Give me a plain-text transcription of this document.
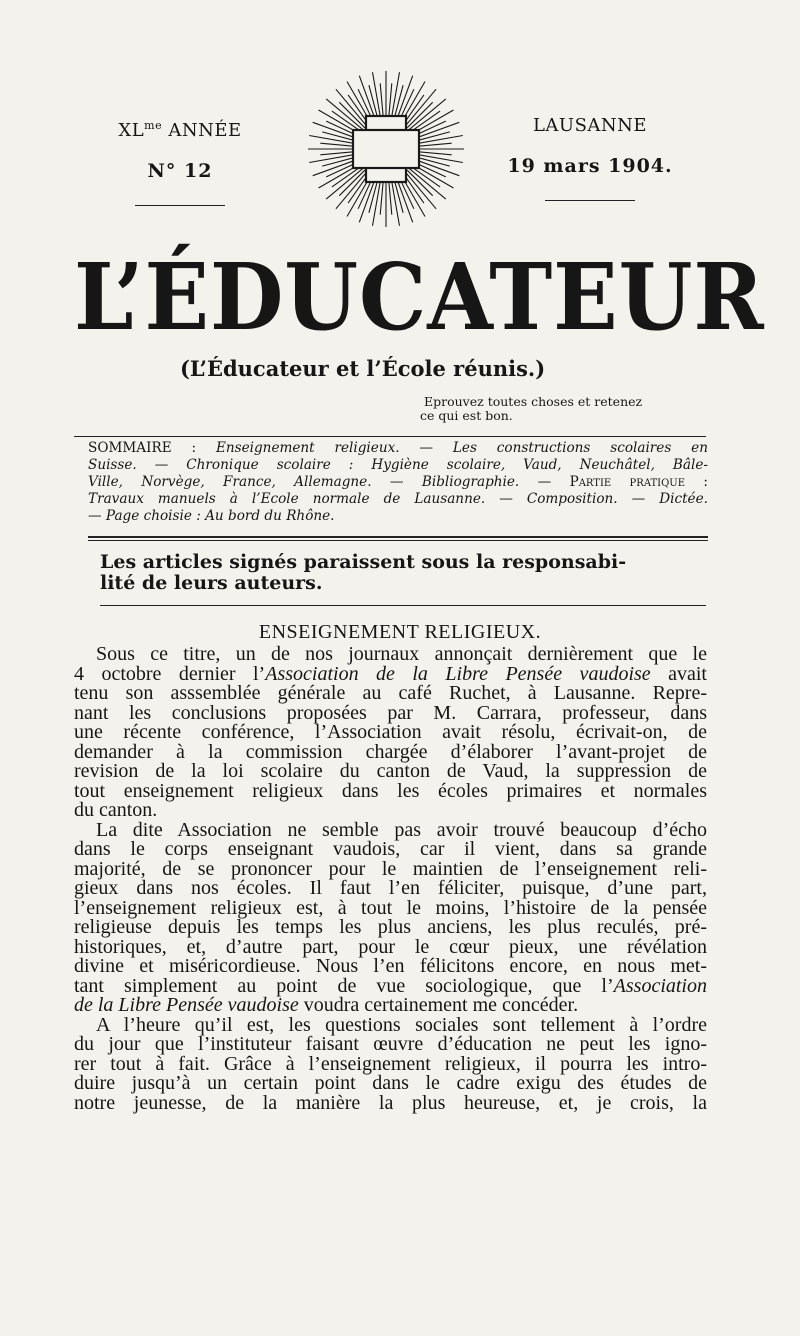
$XL^{me}$ ANNÉE
N° 12
LAUSANNE
19 mars 1904.
L’ÉDUCATEUR
(L’Éducateur et l’École réunis.)
Eprouvez toutes choses et retenez
ce qui est bon.
SOMMAIRE : Enseignement religieux. — Les constructions scolaires en
Suisse. — Chronique scolaire : Hygiène scolaire, Vaud, Neuchâtel, Bâle-
Ville, Norvège, France, Allemagne. — Bibliographie. — Partie pratique :
Travaux manuels à l’Ecole normale de Lausanne. — Composition. — Dictée.
— Page choisie : Au bord du Rhône.
Les articles signés paraissent sous la responsabi-
lité de leurs auteurs.
ENSEIGNEMENT RELIGIEUX.
Sous ce titre, un de nos journaux annonçait dernièrement que le
4 octobre dernier l’Association de la Libre Pensée vaudoise avait
tenu son asssemblée générale au café Ruchet, à Lausanne. Repre-
nant les conclusions proposées par M. Carrara, professeur, dans
une récente conférence, l’Association avait résolu, écrivait-on, de
demander à la commission chargée d’élaborer l’avant-projet de
revision de la loi scolaire du canton de Vaud, la suppression de
tout enseignement religieux dans les écoles primaires et normales
du canton.
La dite Association ne semble pas avoir trouvé beaucoup d’écho
dans le corps enseignant vaudois, car il vient, dans sa grande
majorité, de se prononcer pour le maintien de l’enseignement reli-
gieux dans nos écoles. Il faut l’en féliciter, puisque, d’une part,
l’enseignement religieux est, à tout le moins, l’histoire de la pensée
religieuse depuis les temps les plus anciens, les plus reculés, pré-
historiques, et, d’autre part, pour le cœur pieux, une révélation
divine et miséricordieuse. Nous l’en félicitons encore, en nous met-
tant simplement au point de vue sociologique, que l’Association
de la Libre Pensée vaudoise voudra certainement me concéder.
A l’heure qu’il est, les questions sociales sont tellement à l’ordre
du jour que l’instituteur faisant œuvre d’éducation ne peut les igno-
rer tout à fait. Grâce à l’enseignement religieux, il pourra les intro-
duire jusqu’à un certain point dans le cadre exigu des études de
notre jeunesse, de la manière la plus heureuse, et, je crois, la
